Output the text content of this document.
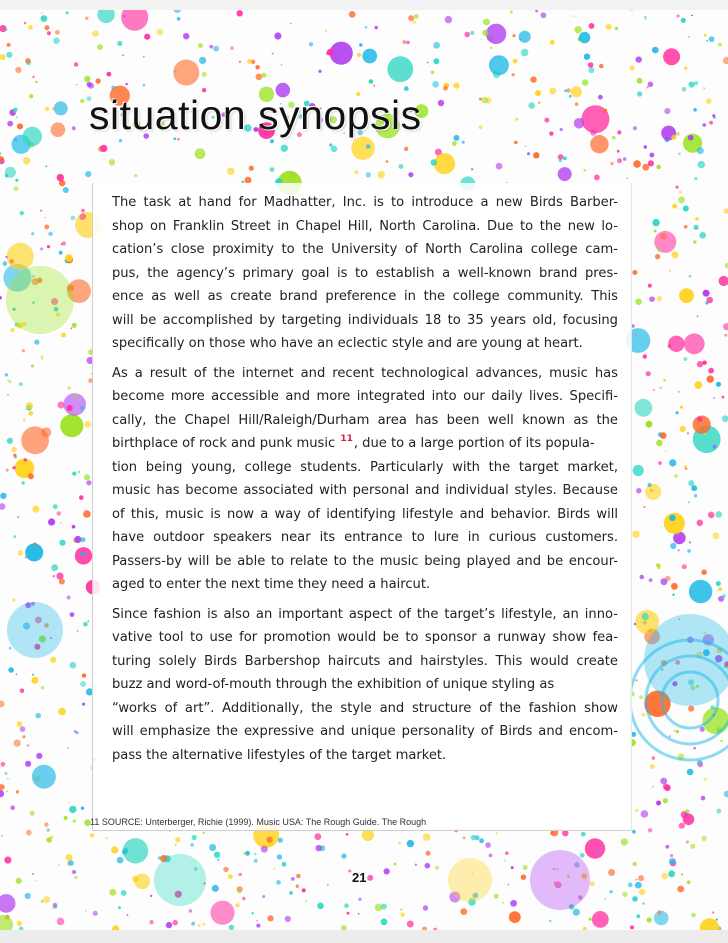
situation synopsis
The task at hand for Madhatter, Inc. is to introduce a new Birds Barber-
shop on Franklin Street in Chapel Hill, North Carolina. Due to the new lo-
cation’s close proximity to the University of North Carolina college cam-
pus, the agency’s primary goal is to establish a well-known brand pres-
ence as well as create brand preference in the college community. This
will be accomplished by targeting individuals 18 to 35 years old, focusing
specifically on those who have an eclectic style and are young at heart.
As a result of the internet and recent technological advances, music has
become more accessible and more integrated into our daily lives. Specifi-
cally, the Chapel Hill/Raleigh/Durham area has been well known as the
birthplace of rock and punk music $^{11}$, due to a large portion of its popula-
tion being young, college students. Particularly with the target market,
music has become associated with personal and individual styles. Because
of this, music is now a way of identifying lifestyle and behavior. Birds will
have outdoor speakers near its entrance to lure in curious customers.
Passers-by will be able to relate to the music being played and be encour-
aged to enter the next time they need a haircut.
Since fashion is also an important aspect of the target’s lifestyle, an inno-
vative tool to use for promotion would be to sponsor a runway show fea-
turing solely Birds Barbershop haircuts and hairstyles. This would create
buzz and word-of-mouth through the exhibition of unique styling as
“works of art”. Additionally, the style and structure of the fashion show
will emphasize the expressive and unique personality of Birds and encom-
pass the alternative lifestyles of the target market.
11 SOURCE: Unterberger, Richie (1999). Music USA: The Rough Guide. The Rough
21
